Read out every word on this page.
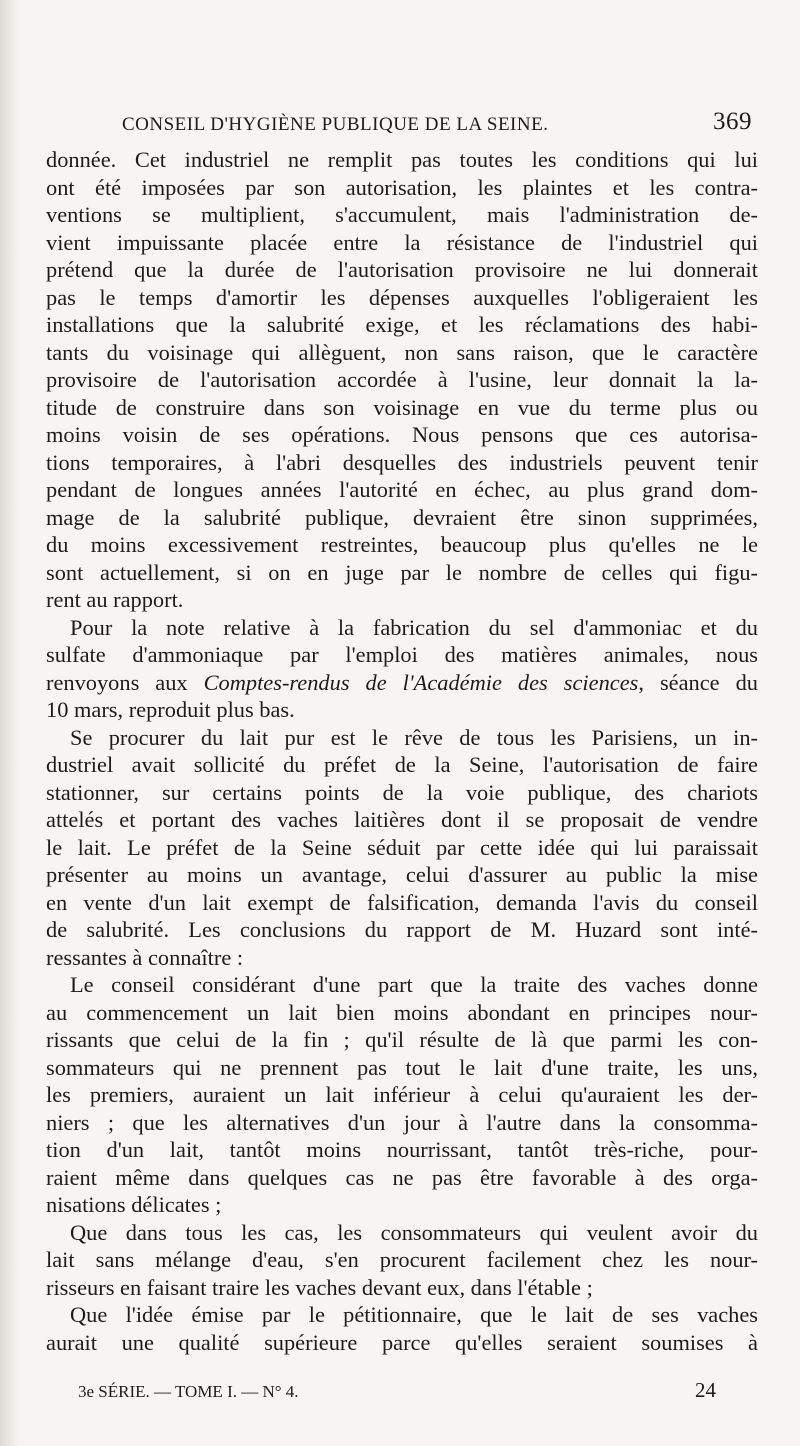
CONSEIL D'HYGIÈNE PUBLIQUE DE LA SEINE.	369
donnée. Cet industriel ne remplit pas toutes les conditions qui lui
ont été imposées par son autorisation, les plaintes et les contra-
ventions se multiplient, s'accumulent, mais l'administration de-
vient impuissante placée entre la résistance de l'industriel qui
prétend que la durée de l'autorisation provisoire ne lui donnerait
pas le temps d'amortir les dépenses auxquelles l'obligeraient les
installations que la salubrité exige, et les réclamations des habi-
tants du voisinage qui allèguent, non sans raison, que le caractère
provisoire de l'autorisation accordée à l'usine, leur donnait la la-
titude de construire dans son voisinage en vue du terme plus ou
moins voisin de ses opérations. Nous pensons que ces autorisa-
tions temporaires, à l'abri desquelles des industriels peuvent tenir
pendant de longues années l'autorité en échec, au plus grand dom-
mage de la salubrité publique, devraient être sinon supprimées,
du moins excessivement restreintes, beaucoup plus qu'elles ne le
sont actuellement, si on en juge par le nombre de celles qui figu-
rent au rapport.
Pour la note relative à la fabrication du sel d'ammoniac et du
sulfate d'ammoniaque par l'emploi des matières animales, nous
renvoyons aux Comptes-rendus de l'Académie des sciences, séance du
10 mars, reproduit plus bas.
Se procurer du lait pur est le rêve de tous les Parisiens, un in-
dustriel avait sollicité du préfet de la Seine, l'autorisation de faire
stationner, sur certains points de la voie publique, des chariots
attelés et portant des vaches laitières dont il se proposait de vendre
le lait. Le préfet de la Seine séduit par cette idée qui lui paraissait
présenter au moins un avantage, celui d'assurer au public la mise
en vente d'un lait exempt de falsification, demanda l'avis du conseil
de salubrité. Les conclusions du rapport de M. Huzard sont inté-
ressantes à connaître :
Le conseil considérant d'une part que la traite des vaches donne
au commencement un lait bien moins abondant en principes nour-
rissants que celui de la fin ; qu'il résulte de là que parmi les con-
sommateurs qui ne prennent pas tout le lait d'une traite, les uns,
les premiers, auraient un lait inférieur à celui qu'auraient les der-
niers ; que les alternatives d'un jour à l'autre dans la consomma-
tion d'un lait, tantôt moins nourrissant, tantôt très-riche, pour-
raient même dans quelques cas ne pas être favorable à des orga-
nisations délicates ;
Que dans tous les cas, les consommateurs qui veulent avoir du
lait sans mélange d'eau, s'en procurent facilement chez les nour-
risseurs en faisant traire les vaches devant eux, dans l'étable ;
Que l'idée émise par le pétitionnaire, que le lait de ses vaches
aurait une qualité supérieure parce qu'elles seraient soumises à
3e SÉRIE. — TOME I. — N° 4.	24
